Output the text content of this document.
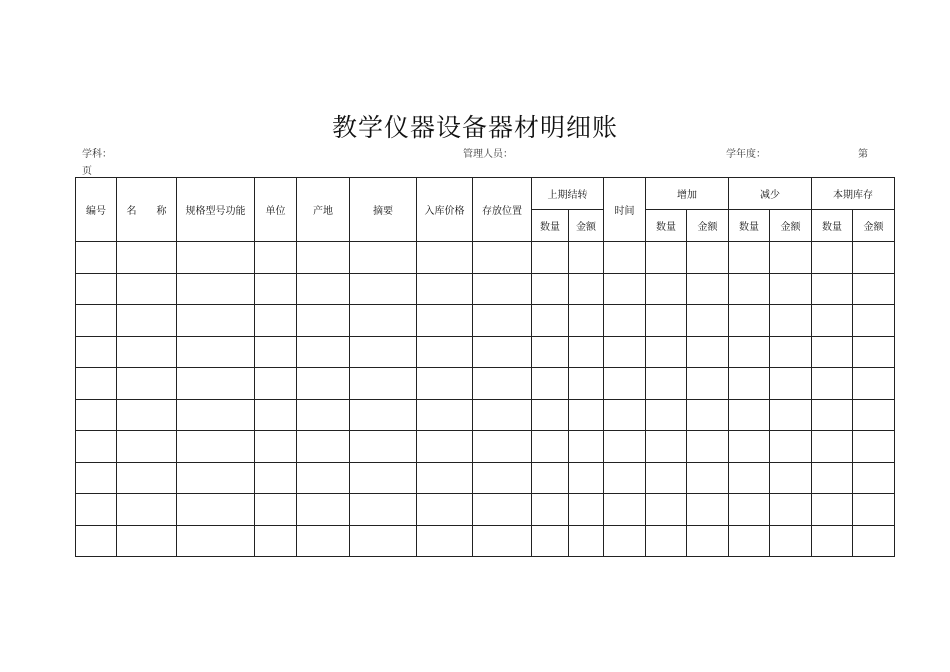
教学仪器设备器材明细账
学科：	管理人员：	学年度：	第
页
编号	名　　称	规格型号功能	单位	产地	摘要	入库价格	存放位置	上期结转		时间	增加		减少		本期库存	
								数量	金额		数量	金额	数量	金额	数量	金额
